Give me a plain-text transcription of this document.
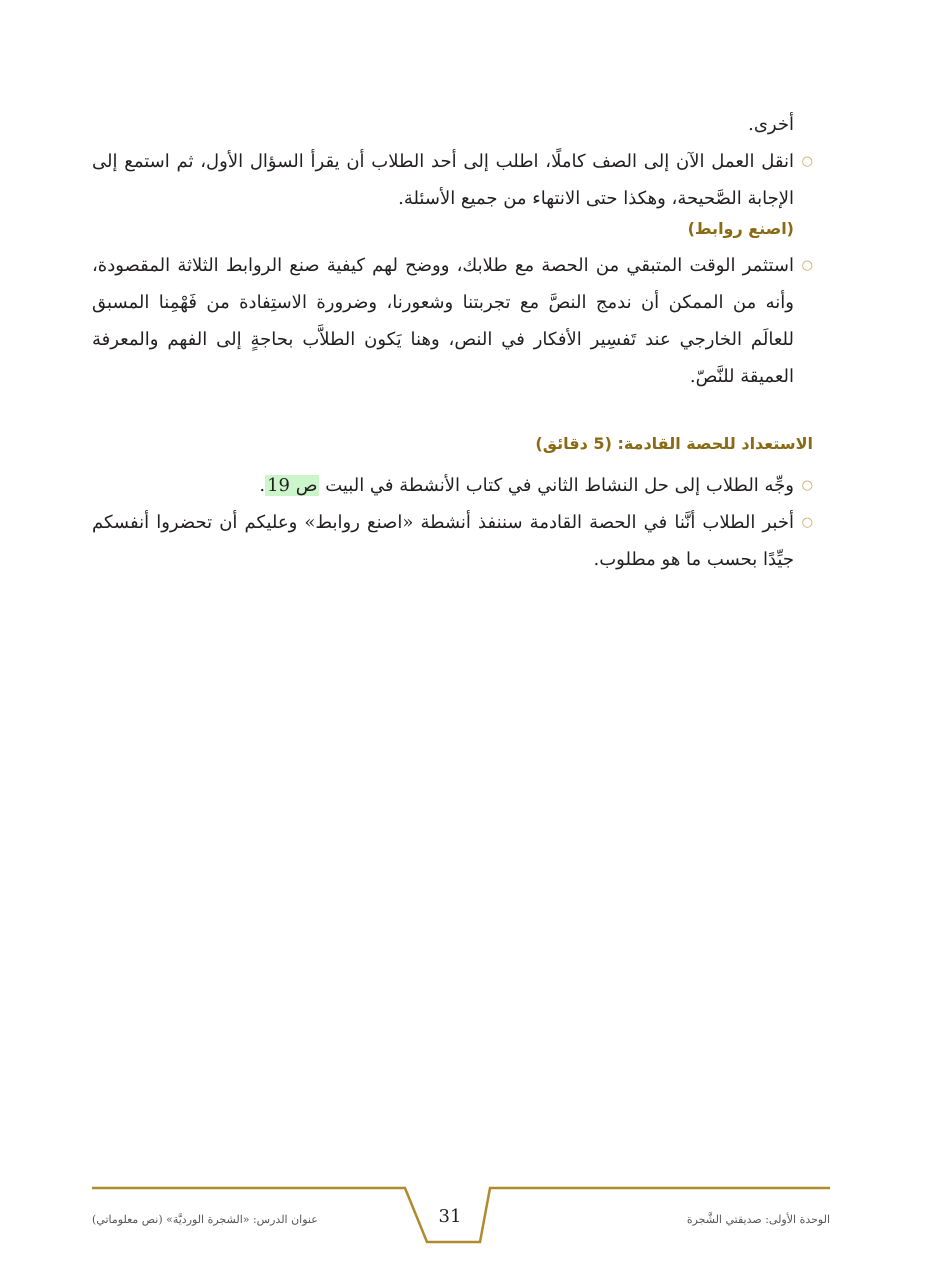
أخرى.

○
انقل العمل الآن إلى الصف كاملًا، اطلب إلى أحد الطلاب أن يقرأ السؤال الأول، ثم استمع إلى الإجابة الصَّحيحة، وهكذا حتى الانتهاء من جميع الأسئلة.
(اصنع روابط)
○
استثمر الوقت المتبقي من الحصة مع طلابك، ووضح لهم كيفية صنع الروابط الثلاثة المقصودة، وأنه من الممكن أن ندمج النصَّ مع تجربتنا وشعورنا، وضرورة الاستِفادة من فَهْمِنا المسبق للعالَم الخارجي عند تَفسِير الأفكار في النص، وهنا يَكون الطلاَّب بحاجةٍ إلى الفهم والمعرفة العميقة للنَّصّ.
الاستعداد للحصة القادمة: (5 دقائق)
○
وجِّه الطلاب إلى حل النشاط الثاني في كتاب الأنشطة في البيت ص 19.
○
أخبر الطلاب أنَّنا في الحصة القادمة سننفذ أنشطة «اصنع روابط» وعليكم أن تحضروا أنفسكم جيِّدًا بحسب ما هو مطلوب.
الوحدة الأولى: صديقتي الشَّجرة
عنوان الدرس: «الشجرة الورديَّة» (نص معلوماتي)	31
